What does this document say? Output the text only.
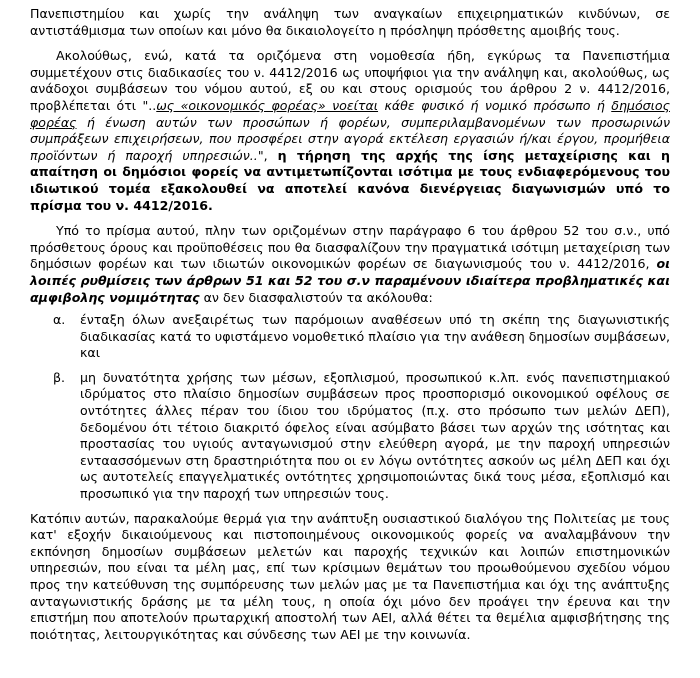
Πανεπιστημίου και χωρίς την ανάληψη των αναγκαίων επιχειρηματικών κινδύνων, σε αντιστάθμισμα των οποίων και μόνο θα δικαιολογείτο η πρόσληψη πρόσθετης αμοιβής τους.

Ακολούθως, ενώ, κατά τα οριζόμενα στη νομοθεσία ήδη, εγκύρως τα Πανεπιστήμια συμμετέχουν στις διαδικασίες του ν. 4412/2016 ως υποψήφιοι για την ανάληψη και, ακολούθως, ως ανάδοχοι συμβάσεων του νόμου αυτού, εξ ου και στους ορισμούς του άρθρου 2 ν. 4412/2016, προβλέπεται ότι "..ως «οικονομικός φορέας» νοείται κάθε φυσικό ή νομικό πρόσωπο ή δημόσιος φορέας ή ένωση αυτών των προσώπων ή φορέων, συμπεριλαμβανομένων των προσωρινών συμπράξεων επιχειρήσεων, που προσφέρει στην αγορά εκτέλεση εργασιών ή/και έργου, προμήθεια προϊόντων ή παροχή υπηρεσιών..", η τήρηση της αρχής της ίσης μεταχείρισης και η απαίτηση οι δημόσιοι φορείς να αντιμετωπίζονται ισότιμα με τους ενδιαφερόμενους του ιδιωτικού τομέα εξακολουθεί να αποτελεί κανόνα διενέργειας διαγωνισμών υπό το πρίσμα του ν. 4412/2016.

Υπό το πρίσμα αυτού, πλην των οριζομένων στην παράγραφο 6 του άρθρου 52 του σ.ν., υπό πρόσθετους όρους και προϋποθέσεις που θα διασφαλίζουν την πραγματικά ισότιμη μεταχείριση των δημόσιων φορέων και των ιδιωτών οικονομικών φορέων σε διαγωνισμούς του ν. 4412/2016, οι λοιπές ρυθμίσεις των άρθρων 51 και 52 του σ.ν παραμένουν ιδιαίτερα προβληματικές και αμφιβολης νομιμότητας αν δεν διασφαλιστούν τα ακόλουθα:

α.	ένταξη όλων ανεξαιρέτως των παρόμοιων αναθέσεων υπό τη σκέπη της διαγωνιστικής διαδικασίας κατά το υφιστάμενο νομοθετικό πλαίσιο για την ανάθεση δημοσίων συμβάσεων, και
β.	μη δυνατότητα χρήσης των μέσων, εξοπλισμού, προσωπικού κ.λπ. ενός πανεπιστημιακού ιδρύματος στο πλαίσιο δημοσίων συμβάσεων προς προσπορισμό οικονομικού οφέλους σε οντότητες άλλες πέραν του ίδιου του ιδρύματος (π.χ. στο πρόσωπο των μελών ΔΕΠ), δεδομένου ότι τέτοιο διακριτό όφελος είναι ασύμβατο βάσει των αρχών της ισότητας και προστασίας του υγιούς ανταγωνισμού στην ελεύθερη αγορά, με την παροχή υπηρεσιών ενταασσόμενων στη δραστηριότητα που οι εν λόγω οντότητες ασκούν ως μέλη ΔΕΠ και όχι ως αυτοτελείς επαγγελματικές οντότητες χρησιμοποιώντας δικά τους μέσα, εξοπλισμό και προσωπικό για την παροχή των υπηρεσιών τους.

Κατόπιν αυτών, παρακαλούμε θερμά για την ανάπτυξη ουσιαστικού διαλόγου της Πολιτείας με τους κατ' εξοχήν δικαιούμενους και πιστοποιημένους οικονομικούς φορείς να αναλαμβάνουν την εκπόνηση δημοσίων συμβάσεων μελετών και παροχής τεχνικών και λοιπών επιστημονικών υπηρεσιών, που είναι τα μέλη μας, επί των κρίσιμων θεμάτων του προωθούμενου σχεδίου νόμου προς την κατεύθυνση της συμπόρευσης των μελών μας με τα Πανεπιστήμια και όχι της ανάπτυξης ανταγωνιστικής δράσης με τα μέλη τους, η οποία όχι μόνο δεν προάγει την έρευνα και την επιστήμη που αποτελούν πρωταρχική αποστολή των ΑΕΙ, αλλά θέτει τα θεμέλια αμφισβήτησης της ποιότητας, λειτουργικότητας και σύνδεσης των ΑΕΙ με την κοινωνία.
